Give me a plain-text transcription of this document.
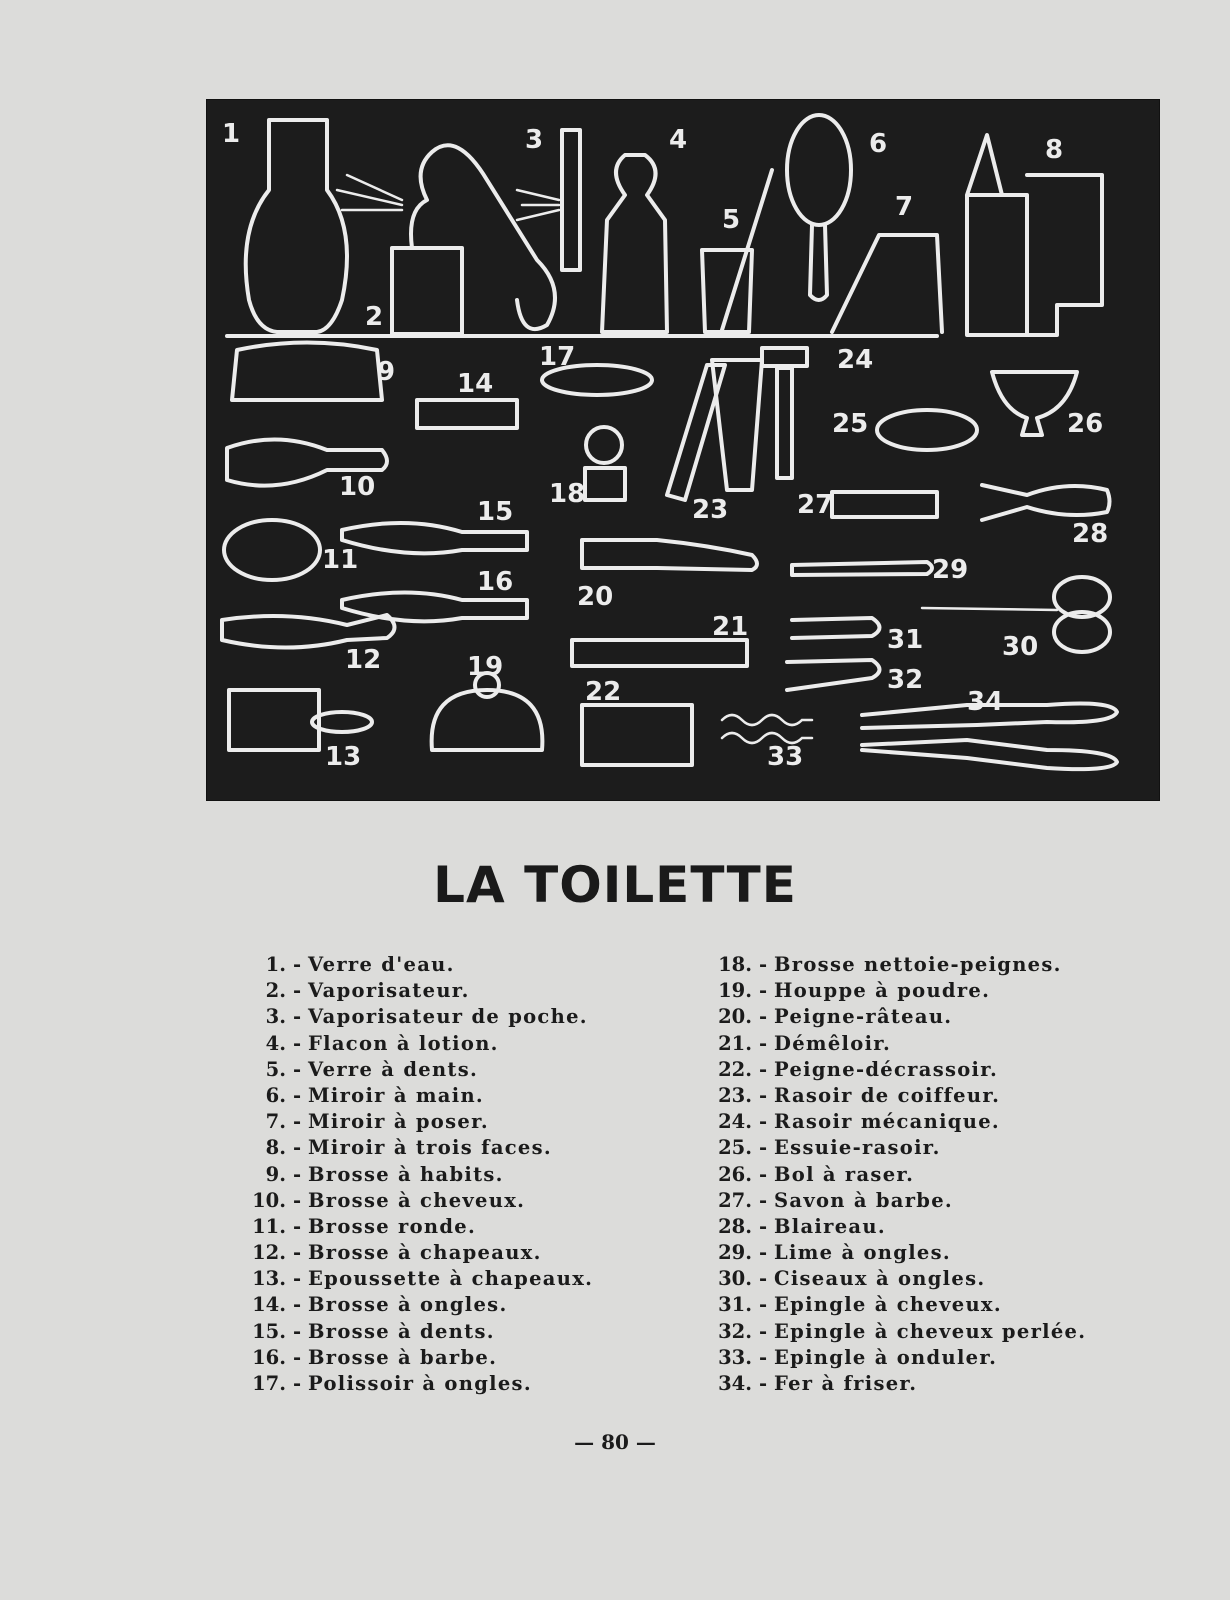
1
2
3	4
5
6
7
8
9
10
11
12
13
14
15
16
17
18
19
20
21
22
23
24
25	26
27
28
29
30
31
32
33
34
LA TOILETTE
1. - Verre d'eau.
2. - Vaporisateur.
3. - Vaporisateur de poche.
4. - Flacon à lotion.
5. - Verre à dents.
6. - Miroir à main.
7. - Miroir à poser.
8. - Miroir à trois faces.
9. - Brosse à habits.
10. - Brosse à cheveux.
11. - Brosse ronde.
12. - Brosse à chapeaux.
13. - Epoussette à chapeaux.
14. - Brosse à ongles.
15. - Brosse à dents.
16. - Brosse à barbe.
17. - Polissoir à ongles.
18. - Brosse nettoie-peignes.
19. - Houppe à poudre.
20. - Peigne-râteau.
21. - Démêloir.
22. - Peigne-décrassoir.
23. - Rasoir de coiffeur.
24. - Rasoir mécanique.
25. - Essuie-rasoir.
26. - Bol à raser.
27. - Savon à barbe.
28. - Blaireau.
29. - Lime à ongles.
30. - Ciseaux à ongles.
31. - Epingle à cheveux.
32. - Epingle à cheveux perlée.
33. - Epingle à onduler.
34. - Fer à friser.
— 80 —
